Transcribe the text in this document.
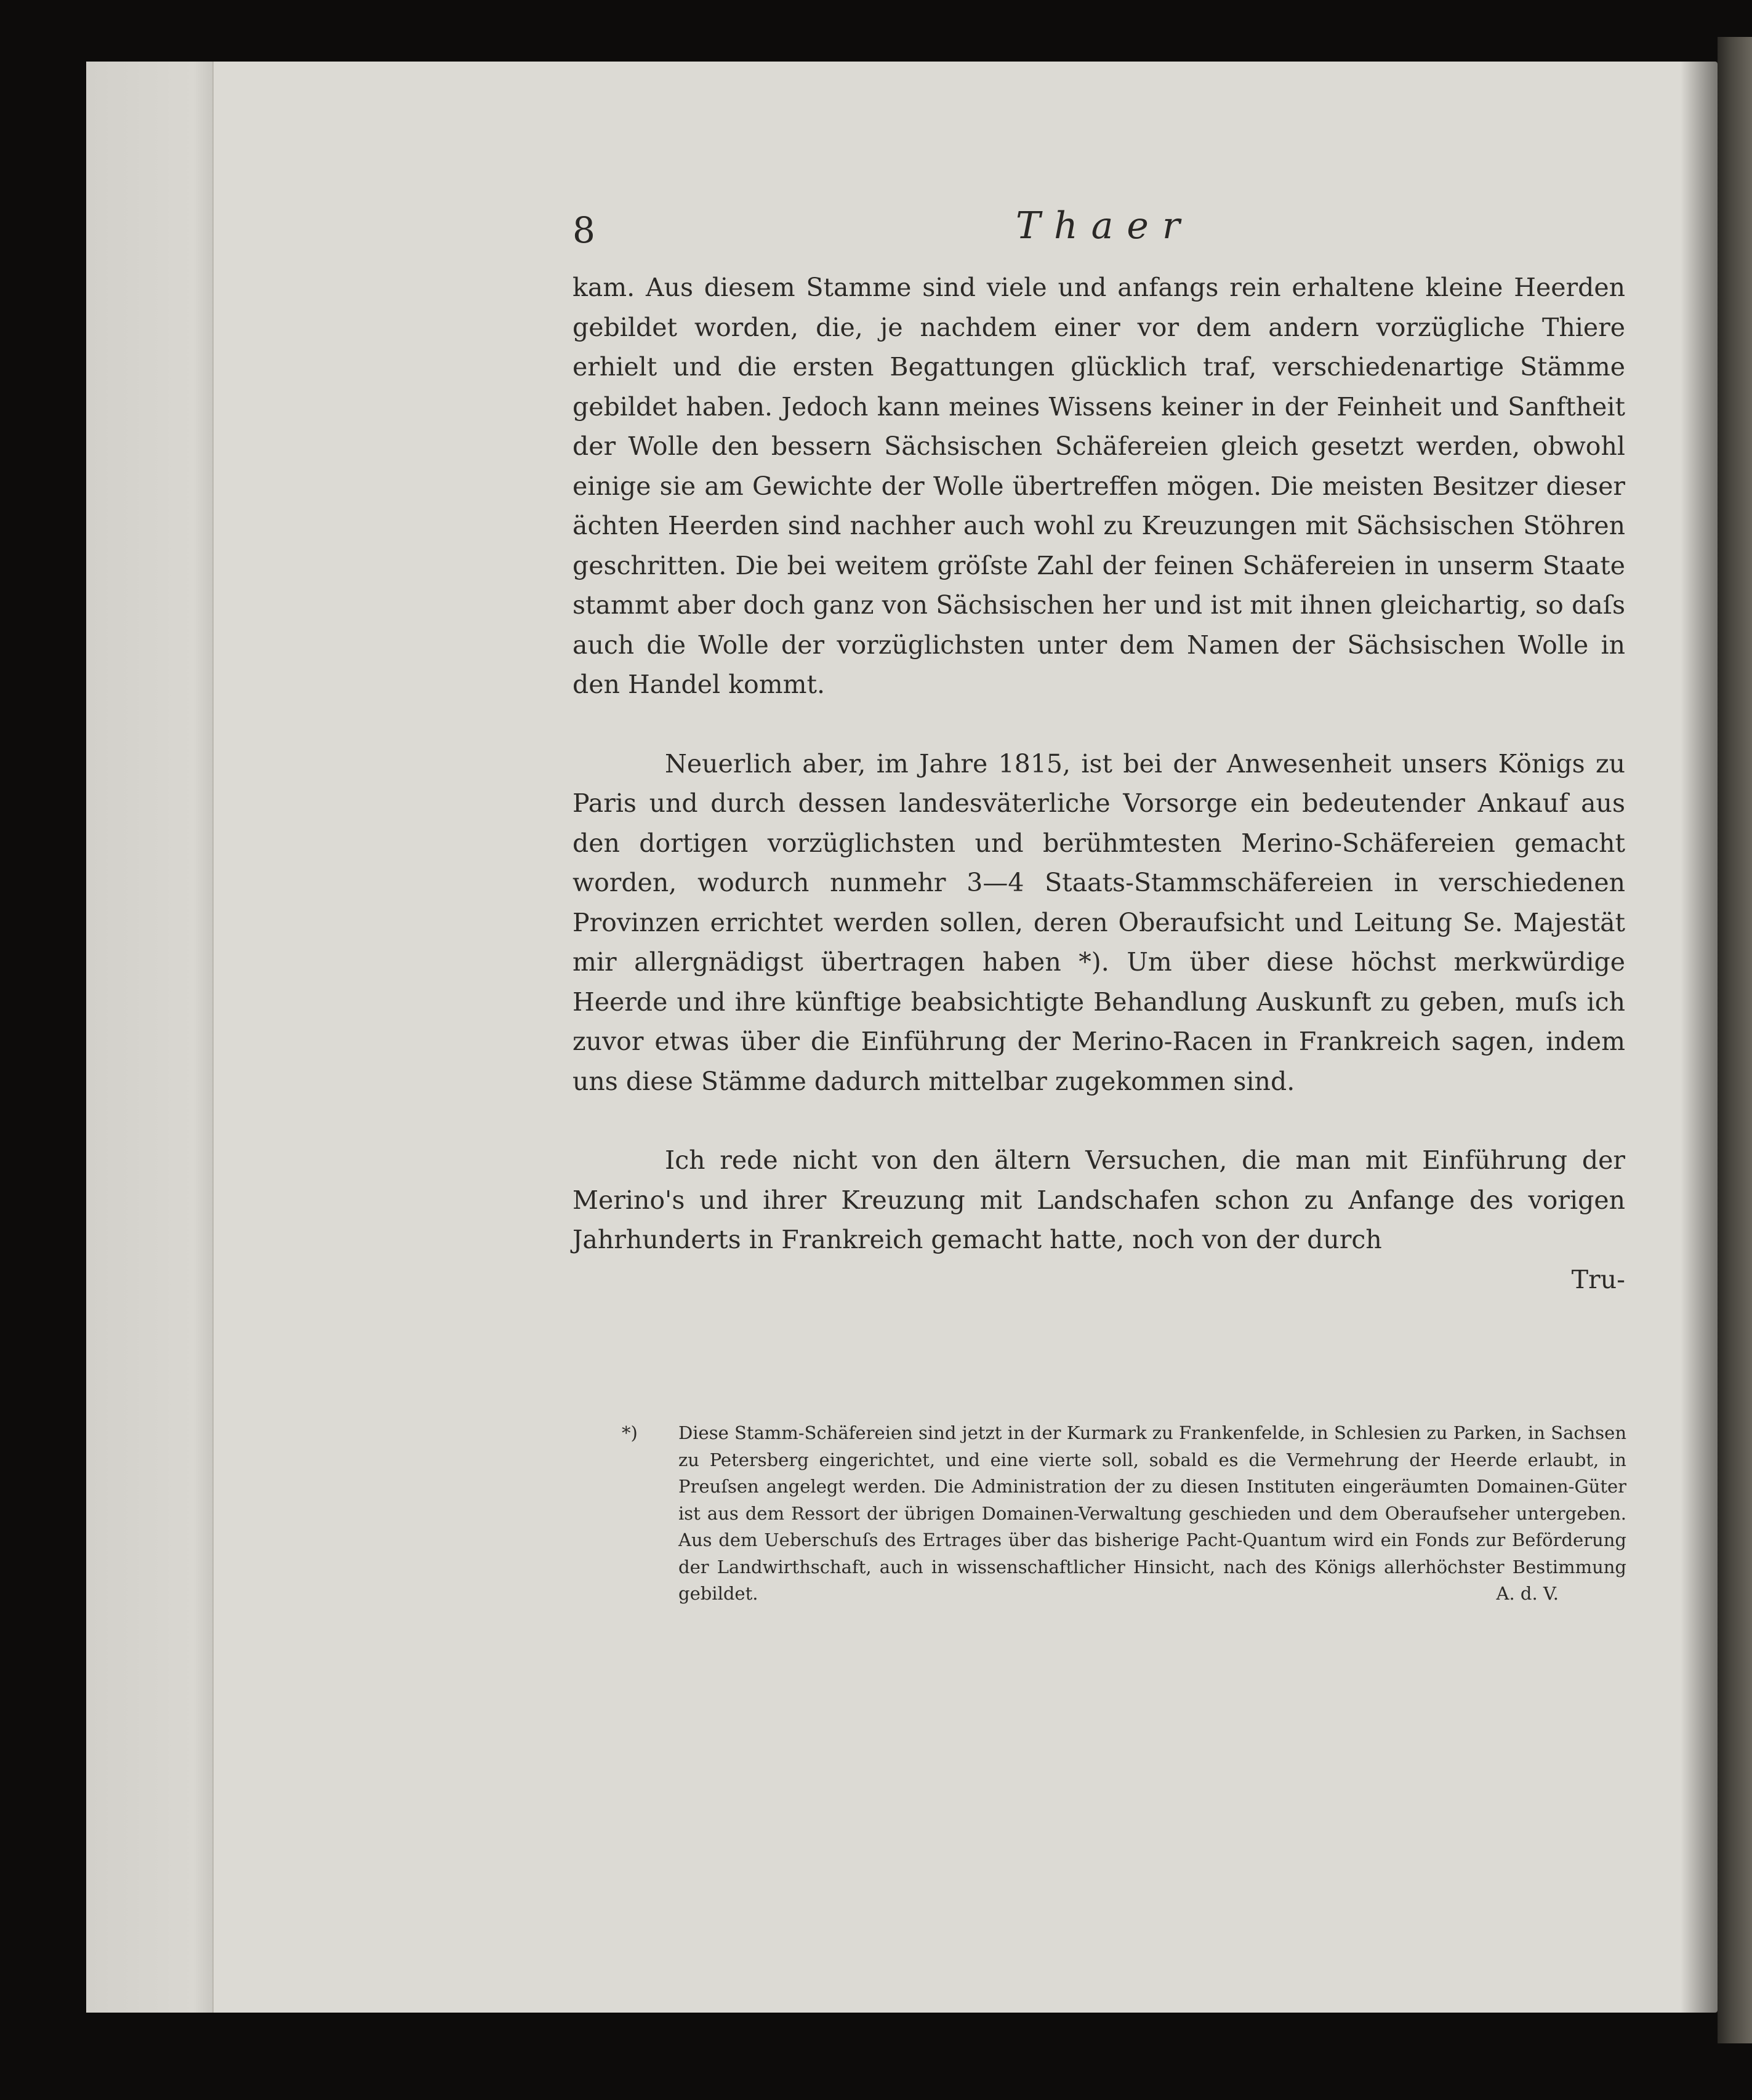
8	Thaer

kam. Aus diesem Stamme sind viele und anfangs rein erhaltene kleine Heerden gebildet worden, die, je nachdem einer vor dem andern vorzügliche Thiere erhielt und die ersten Begattungen glücklich traf, verschiedenartige Stämme gebildet haben. Jedoch kann meines Wissens keiner in der Feinheit und Sanftheit der Wolle den bessern Sächsischen Schäfereien gleich gesetzt werden, obwohl einige sie am Gewichte der Wolle übertreffen mögen. Die meisten Besitzer dieser ächten Heerden sind nachher auch wohl zu Kreuzungen mit Sächsischen Stöhren geschritten. Die bei weitem gröſste Zahl der feinen Schäfereien in unserm Staate stammt aber doch ganz von Sächsischen her und ist mit ihnen gleichartig, so daſs auch die Wolle der vorzüglichsten unter dem Namen der Sächsischen Wolle in den Handel kommt.

Neuerlich aber, im Jahre 1815, ist bei der Anwesenheit unsers Königs zu Paris und durch dessen landesväterliche Vorsorge ein bedeutender Ankauf aus den dortigen vorzüglichsten und berühmtesten Merino-Schäfereien gemacht worden, wodurch nunmehr 3—4 Staats-Stammschäfereien in verschiedenen Provinzen errichtet werden sollen, deren Oberaufsicht und Leitung Se. Majestät mir allergnädigst übertragen haben *). Um über diese höchst merkwürdige Heerde und ihre künftige beabsichtigte Behandlung Auskunft zu geben, muſs ich zuvor etwas über die Einführung der Merino-Racen in Frankreich sagen, indem uns diese Stämme dadurch mittelbar zugekommen sind.

Ich rede nicht von den ältern Versuchen, die man mit Einführung der Merino's und ihrer Kreuzung mit Landschafen schon zu Anfange des vorigen Jahrhunderts in Frankreich gemacht hatte, noch von der durch

Tru-

*) Diese Stamm-Schäfereien sind jetzt in der Kurmark zu Frankenfelde, in Schlesien zu Parken, in Sachsen zu Petersberg eingerichtet, und eine vierte soll, sobald es die Vermehrung der Heerde erlaubt, in Preuſsen angelegt werden. Die Administration der zu diesen Instituten eingeräumten Domainen-Güter ist aus dem Ressort der übrigen Domainen-Verwaltung geschieden und dem Oberaufseher untergeben. Aus dem Ueberschuſs des Ertrages über das bisherige Pacht-Quantum wird ein Fonds zur Beförderung der Landwirthschaft, auch in wissenschaftlicher Hinsicht, nach des Königs allerhöchster Bestimmung gebildet.	A. d. V.
